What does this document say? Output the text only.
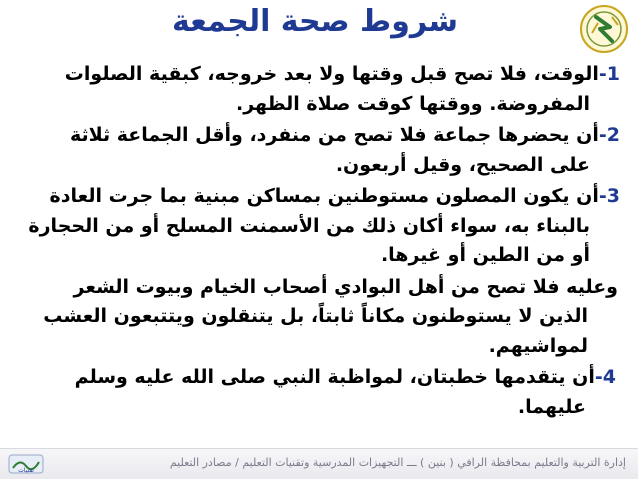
شروط صحة الجمعة

1-الوقت، فلا تصح قبل وقتها ولا بعد خروجه، كبقية الصلوات
المفروضة. ووقتها كوقت صلاة الظهر.

2-أن يحضرها جماعة فلا تصح من منفرد، وأقل الجماعة ثلاثة
على الصحيح، وقيل أربعون.

3-أن يكون المصلون مستوطنين بمساكن مبنية بما جرت العادة
بالبناء به، سواء أكان ذلك من الأسمنت المسلح أو من الحجارة
أو من الطين أو غيرها.

وعليه فلا تصح من أهل البوادي أصحاب الخيام وبيوت الشعر
الذين لا يستوطنون مكاناً ثابتاً، بل يتنقلون ويتتبعون العشب
لمواشيهم.

4-أن يتقدمها خطبتان، لمواظبة النبي صلى الله عليه وسلم
عليهما.

تقنيات
إدارة التربية والتعليم بمحافظة الرافي ( بنين ) ـــ التجهيزات المدرسية وتقنيات التعليم / مصادر التعليم
